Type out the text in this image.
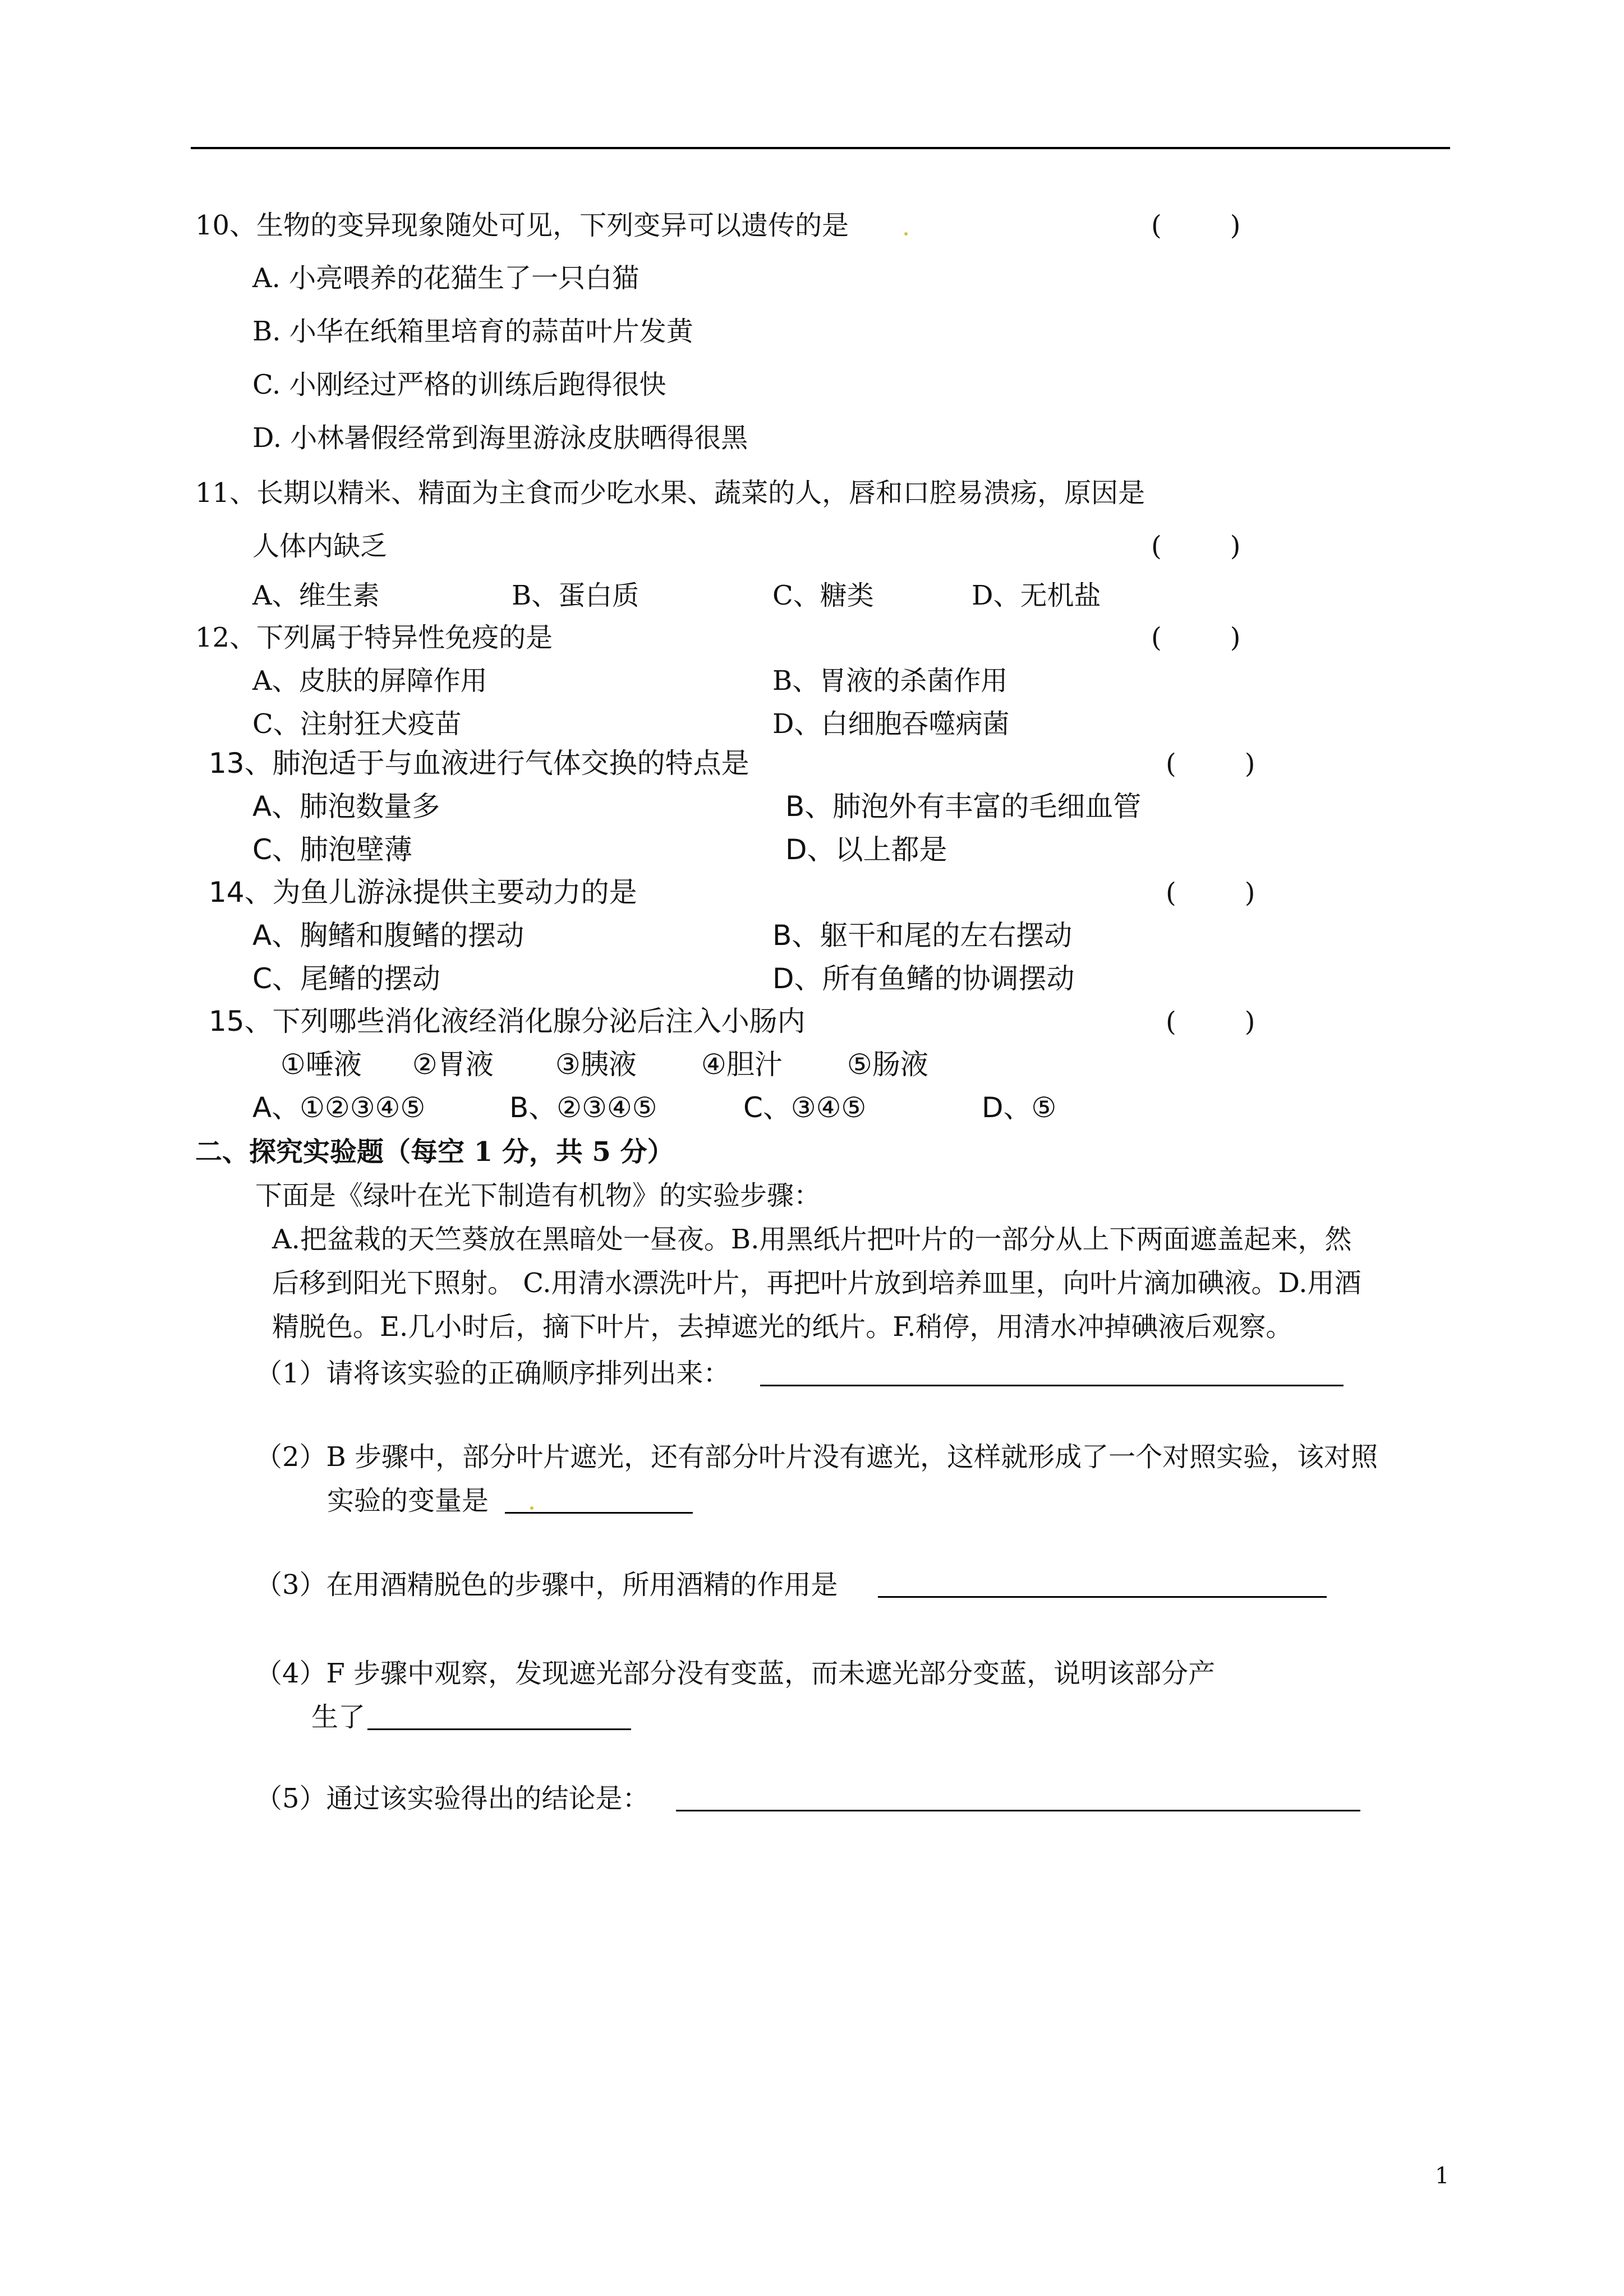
10、生物的变异现象随处可见，下列变异可以遗传的是	(        )
A. 小亮喂养的花猫生了一只白猫
B. 小华在纸箱里培育的蒜苗叶片发黄
C. 小刚经过严格的训练后跑得很快
D. 小林暑假经常到海里游泳皮肤晒得很黑
11、长期以精米、精面为主食而少吃水果、蔬菜的人，唇和口腔易溃疡，原因是
人体内缺乏	(        )
A、维生素	B、蛋白质	C、糖类	D、无机盐
12、下列属于特异性免疫的是	(        )
A、皮肤的屏障作用	B、胃液的杀菌作用
C、注射狂犬疫苗	D、白细胞吞噬病菌
13、肺泡适于与血液进行气体交换的特点是	(        )
A、肺泡数量多	B、肺泡外有丰富的毛细血管
C、肺泡壁薄	D、以上都是
14、为鱼儿游泳提供主要动力的是	(        )
A、胸鳍和腹鳍的摆动	B、躯干和尾的左右摆动
C、尾鳍的摆动	D、所有鱼鳍的协调摆动
15、下列哪些消化液经消化腺分泌后注入小肠内	(        )
①唾液 ②胃液 ③胰液 ④胆汁 ⑤肠液
A、①②③④⑤	B、②③④⑤	C、③④⑤	D、⑤
二、探究实验题（每空 1 分，共 5 分）
下面是《绿叶在光下制造有机物》的实验步骤：
A.把盆栽的天竺葵放在黑暗处一昼夜。B.用黑纸片把叶片的一部分从上下两面遮盖起来，然
后移到阳光下照射。 C.用清水漂洗叶片，再把叶片放到培养皿里，向叶片滴加碘液。D.用酒
精脱色。E.几小时后，摘下叶片，去掉遮光的纸片。F.稍停，用清水冲掉碘液后观察。
（1）请将该实验的正确顺序排列出来：
（2）B 步骤中，部分叶片遮光，还有部分叶片没有遮光，这样就形成了一个对照实验，该对照
实验的变量是
（3）在用酒精脱色的步骤中，所用酒精的作用是
（4）F 步骤中观察，发现遮光部分没有变蓝，而未遮光部分变蓝，说明该部分产
生了
（5）通过该实验得出的结论是：
1
